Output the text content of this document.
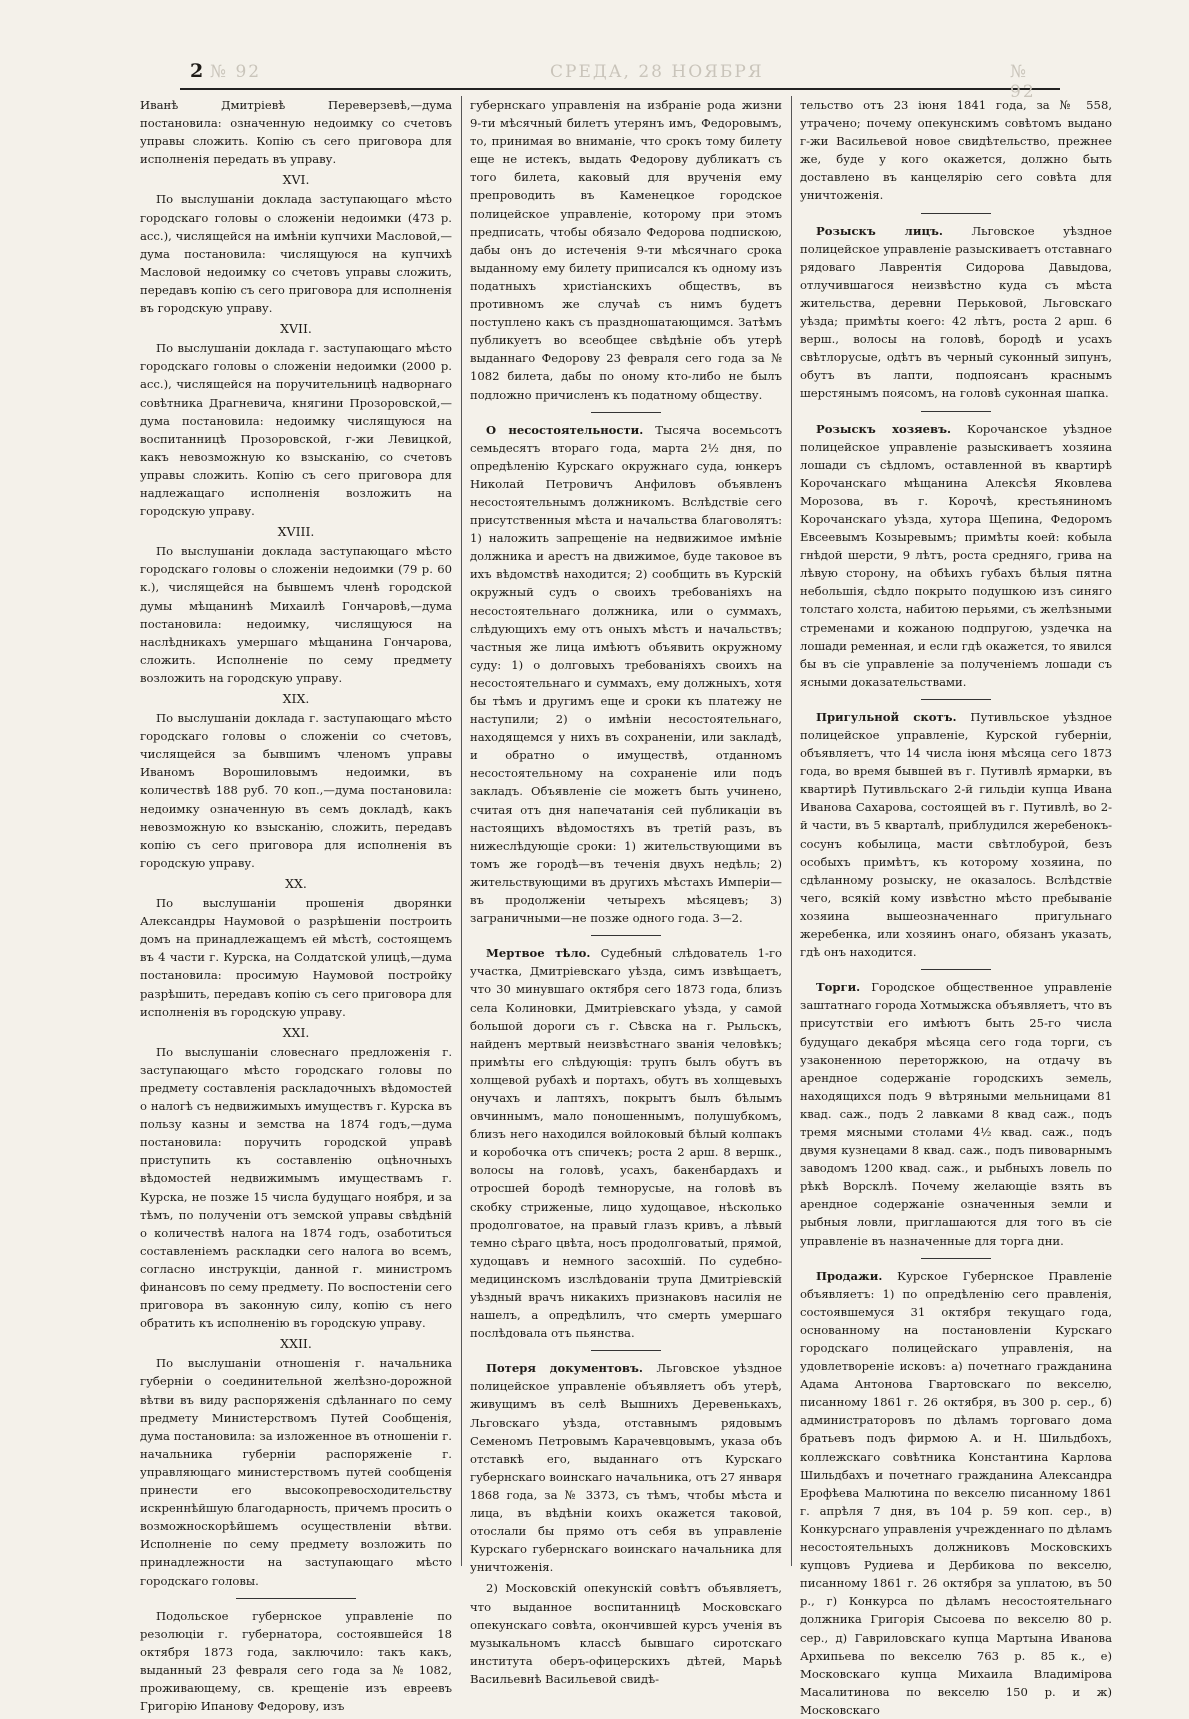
2 № 92	СРЕДА, 28 НОЯБРЯ	№ 92

Иванѣ Дмитріевѣ Переверзевѣ,—дума постановила: означенную недоимку со счетовъ управы сложить. Копію съ сего приговора для исполненія передать въ управу.

XVI.

По выслушаніи доклада заступающаго мѣсто городскаго головы о сложеніи недоимки (473 р. асс.), числящейся на имѣніи купчихи Масловой,—дума постановила: числящуюся на купчихѣ Масловой недоимку со счетовъ управы сложить, передавъ копію съ сего приговора для исполненія въ городскую управу.

XVII.

По выслушаніи доклада г. заступающаго мѣсто городскаго головы о сложеніи недоимки (2000 р. асс.), числящейся на поручительницѣ надворнаго совѣтника Драгневича, княгини Прозоровской,—дума постановила: недоимку числящуюся на воспитанницѣ Прозоровской, г-жи Левицкой, какъ невозможную ко взысканію, со счетовъ управы сложить. Копію съ сего приговора для надлежащаго исполненія возложить на городскую управу.

XVIII.

По выслушаніи доклада заступающаго мѣсто городскаго головы о сложеніи недоимки (79 р. 60 к.), числящейся на бывшемъ членѣ городской думы мѣщанинѣ Михаилѣ Гончаровѣ,—дума постановила: недоимку, числящуюся на наслѣдникахъ умершаго мѣщанина Гончарова, сложить. Исполненіе по сему предмету возложить на городскую управу.

XIX.

По выслушаніи доклада г. заступающаго мѣсто городскаго головы о сложеніи со счетовъ, числящейся за бывшимъ членомъ управы Иваномъ Ворошиловымъ недоимки, въ количествѣ 188 руб. 70 коп.,—дума постановила: недоимку означенную въ семъ докладѣ, какъ невозможную ко взысканію, сложить, передавъ копію съ сего приговора для исполненія въ городскую управу.

XX.

По выслушаніи прошенія дворянки Александры Наумовой о разрѣшеніи построить домъ на принадлежащемъ ей мѣстѣ, состоящемъ въ 4 части г. Курска, на Солдатской улицѣ,—дума постановила: просимую Наумовой постройку разрѣшить, передавъ копію съ сего приговора для исполненія въ городскую управу.

XXI.

По выслушаніи словеснаго предложенія г. заступающаго мѣсто городскаго головы по предмету составленія раскладочныхъ вѣдомостей о налогѣ съ недвижимыхъ имуществъ г. Курска въ пользу казны и земства на 1874 годъ,—дума постановила: поручить городской управѣ приступить къ составленію оцѣночныхъ вѣдомостей недвижимымъ имуществамъ г. Курска, не позже 15 числа будущаго ноября, и за тѣмъ, по полученіи отъ земской управы свѣдѣній о количествѣ налога на 1874 годъ, озаботиться составленіемъ раскладки сего налога во всемъ, согласно инструкціи, данной г. министромъ финансовъ по сему предмету. По воспостеніи сего приговора въ законную силу, копію съ него обратить къ исполненію въ городскую управу.

XXII.

По выслушаніи отношенія г. начальника губерніи о соединительной желѣзно-дорожной вѣтви въ виду распоряженія сдѣланнаго по сему предмету Министерствомъ Путей Сообщенія, дума постановила: за изложенное въ отношеніи г. начальника губерніи распоряженіе г. управляющаго министерствомъ путей сообщенія принести его высокопревосходительству искреннѣйшую благодарность, причемъ просить о возможноскорѣйшемъ осуществленіи вѣтви. Исполненіе по сему предмету возложить по принадлежности на заступающаго мѣсто городскаго головы.

Подольское губернское управленіе по резолюціи г. губернатора, состоявшейся 18 октября 1873 года, заключило: такъ какъ, выданный 23 февраля сего года за № 1082, проживающему, св. крещеніе изъ евреевъ Григорію Ипанову Федорову, изъ

губернскаго управленія на избраніе рода жизни 9-ти мѣсячный билетъ утерянъ имъ, Федоровымъ, то, принимая во вниманіе, что срокъ тому билету еще не истекъ, выдать Федорову дубликатъ съ того билета, каковый для врученія ему препроводить въ Каменецкое городское полицейское управленіе, которому при этомъ предписать, чтобы обязало Федорова подпискою, дабы онъ до истеченія 9-ти мѣсячнаго срока выданному ему билету приписался къ одному изъ податныхъ христіанскихъ обществъ, въ противномъ же случаѣ съ нимъ будетъ поступлено какъ съ праздношатающимся. Затѣмъ публикуетъ во всеобщее свѣдѣніе объ утерѣ выданнаго Федорову 23 февраля сего года за № 1082 билета, дабы по оному кто-либо не былъ подложно причисленъ къ податному обществу.

О несостоятельности. Тысяча восемьсотъ семьдесятъ втораго года, марта 2½ дня, по опредѣленію Курскаго окружнаго суда, юнкеръ Николай Петровичъ Анфиловъ объявленъ несостоятельнымъ должникомъ. Вслѣдствіе сего присутственныя мѣста и начальства благоволятъ: 1) наложить запрещеніе на недвижимое имѣніе должника и арестъ на движимое, буде таковое въ ихъ вѣдомствѣ находится; 2) сообщить въ Курскій окружный судъ о своихъ требованіяхъ на несостоятельнаго должника, или о суммахъ, слѣдующихъ ему отъ оныхъ мѣстъ и начальствъ; частныя же лица имѣютъ объявить окружному суду: 1) о долговыхъ требованіяхъ своихъ на несостоятельнаго и суммахъ, ему должныхъ, хотя бы тѣмъ и другимъ еще и сроки къ платежу не наступили; 2) о имѣніи несостоятельнаго, находящемся у нихъ въ сохраненіи, или закладѣ, и обратно о имуществѣ, отданномъ несостоятельному на сохраненіе или подъ закладъ. Объявленіе сіе можетъ быть учинено, считая отъ дня напечатанія сей публикаціи въ настоящихъ вѣдомостяхъ въ третій разъ, въ нижеслѣдующіе сроки: 1) жительствующими въ томъ же городѣ—въ теченія двухъ недѣль; 2) жительствующими въ другихъ мѣстахъ Имперіи—въ продолженіи четырехъ мѣсяцевъ; 3) заграничными—не позже одного года. 3—2.

Мертвое тѣло. Судебный слѣдователь 1-го участка, Дмитріевскаго уѣзда, симъ извѣщаетъ, что 30 минувшаго октября сего 1873 года, близъ села Колиновки, Дмитріевскаго уѣзда, у самой большой дороги съ г. Сѣвска на г. Рыльскъ, найденъ мертвый неизвѣстнаго званія человѣкъ; примѣты его слѣдующія: трупъ былъ обутъ въ холщевой рубахѣ и портахъ, обутъ въ холщевыхъ онучахъ и лаптяхъ, покрытъ былъ бѣлымъ овчиннымъ, мало поношеннымъ, полушубкомъ, близъ него находился войлоковый бѣлый колпакъ и коробочка отъ спичекъ; роста 2 арш. 8 вершк., волосы на головѣ, усахъ, бакенбардахъ и отросшей бородѣ темнорусые, на головѣ въ скобку стриженые, лицо худощавое, нѣсколько продолговатое, на правый глазъ кривъ, а лѣвый темно сѣраго цвѣта, носъ продолговатый, прямой, худощавъ и немного засохшій. По судебно-медицинскомъ изслѣдованіи трупа Дмитріевскій уѣздный врачъ никакихъ признаковъ насилія не нашелъ, а опредѣлилъ, что смерть умершаго послѣдовала отъ пьянства.

Потеря документовъ. Льговское уѣздное полицейское управленіе объявляетъ объ утерѣ, живущимъ въ селѣ Вышнихъ Деревенькахъ, Льговскаго уѣзда, отставнымъ рядовымъ Семеномъ Петровымъ Карачевцовымъ, указа объ отставкѣ его, выданнаго отъ Курскаго губернскаго воинскаго начальника, отъ 27 января 1868 года, за № 3373, съ тѣмъ, чтобы мѣста и лица, въ вѣдѣніи коихъ окажется таковой, отослали бы прямо отъ себя въ управленіе Курскаго губернскаго воинскаго начальника для уничтоженія.

2) Московскій опекунскій совѣтъ объявляетъ, что выданное воспитанницѣ Московскаго опекунскаго совѣта, окончившей курсъ ученія въ музыкальномъ классѣ бывшаго сиротскаго института оберъ-офицерскихъ дѣтей, Марьѣ Васильевнѣ Васильевой свидѣ-

тельство отъ 23 іюня 1841 года, за № 558, утрачено; почему опекунскимъ совѣтомъ выдано г-жи Васильевой новое свидѣтельство, прежнее же, буде у кого окажется, должно быть доставлено въ канцелярію сего совѣта для уничтоженія.

Розыскъ лицъ. Льговское уѣздное полицейское управленіе разыскиваетъ отставнаго рядоваго Лаврентія Сидорова Давыдова, отлучившагося неизвѣстно куда съ мѣста жительства, деревни Перьковой, Льговскаго уѣзда; примѣты коего: 42 лѣтъ, роста 2 арш. 6 верш., волосы на головѣ, бородѣ и усахъ свѣтлорусые, одѣтъ въ черный суконный зипунъ, обутъ въ лапти, подпоясанъ краснымъ шерстянымъ поясомъ, на головѣ суконная шапка.

Розыскъ хозяевъ. Корочанское уѣздное полицейское управленіе разыскиваетъ хозяина лошади съ сѣдломъ, оставленной въ квартирѣ Корочанскаго мѣщанина Алексѣя Яковлева Морозова, въ г. Корочѣ, крестьяниномъ Корочанскаго уѣзда, хутора Щепина, Федоромъ Евсеевымъ Козыревымъ; примѣты коей: кобыла гнѣдой шерсти, 9 лѣтъ, роста средняго, грива на лѣвую сторону, на обѣихъ губахъ бѣлыя пятна небольшія, сѣдло покрыто подушкою изъ синяго толстаго холста, набитою перьями, съ желѣзными стременами и кожаною подпругою, уздечка на лошади ременная, и если гдѣ окажется, то явился бы въ сіе управленіе за полученіемъ лошади съ ясными доказательствами.

Пригульной скотъ. Путивльское уѣздное полицейское управленіе, Курской губерніи, объявляетъ, что 14 числа іюня мѣсяца сего 1873 года, во время бывшей въ г. Путивлѣ ярмарки, въ квартирѣ Путивльскаго 2-й гильдіи купца Ивана Иванова Сахарова, состоящей въ г. Путивлѣ, во 2-й части, въ 5 кварталѣ, приблудился жеребенокъ-сосунъ кобылица, масти свѣтлобурой, безъ особыхъ примѣтъ, къ которому хозяина, по сдѣланному розыску, не оказалось. Вслѣдствіе чего, всякій кому извѣстно мѣсто пребываніе хозяина вышеозначеннаго пригульнаго жеребенка, или хозяинъ онаго, обязанъ указать, гдѣ онъ находится.

Торги. Городское общественное управленіе заштатнаго города Хотмыжска объявляетъ, что въ присутствіи его имѣютъ быть 25-го числа будущаго декабря мѣсяца сего года торги, съ узаконенною переторжкою, на отдачу въ арендное содержаніе городскихъ земель, находящихся подъ 9 вѣтряными мельницами 81 квад. саж., подъ 2 лавками 8 квад саж., подъ тремя мясными столами 4½ квад. саж., подъ двумя кузнецами 8 квад. саж., подъ пивоварнымъ заводомъ 1200 квад. саж., и рыбныхъ ловель по рѣкѣ Ворсклѣ. Почему желающіе взять въ арендное содержаніе означенныя земли и рыбныя ловли, приглашаются для того въ сіе управленіе въ назначенные для торга дни.

Продажи. Курское Губернское Правленіе объявляетъ: 1) по опредѣленію сего правленія, состоявшемуся 31 октября текущаго года, основанному на постановленіи Курскаго городскаго полицейскаго управленія, на удовлетвореніе исковъ: а) почетнаго гражданина Адама Антонова Гвартовскаго по векселю, писанному 1861 г. 26 октября, въ 300 р. сер., б) администраторовъ по дѣламъ торговаго дома братьевъ подъ фирмою А. и Н. Шильдбохъ, коллежскаго совѣтника Константина Карлова Шильдбахъ и почетнаго гражданина Александра Ерофѣева Малютина по векселю писанному 1861 г. апрѣля 7 дня, въ 104 р. 59 коп. сер., в) Конкурснаго управленія учрежденнаго по дѣламъ несостоятельныхъ должниковъ Московскихъ купцовъ Рудиева и Дербикова по векселю, писанному 1861 г. 26 октября за уплатою, въ 50 р., г) Конкурса по дѣламъ несостоятельнаго должника Григорія Сысоева по векселю 80 р. сер., д) Гавриловскаго купца Мартына Иванова Архипьева по векселю 763 р. 85 к., е) Московскаго купца Михаила Владимірова Масалитинова по векселю 150 р. и ж) Московскаго
